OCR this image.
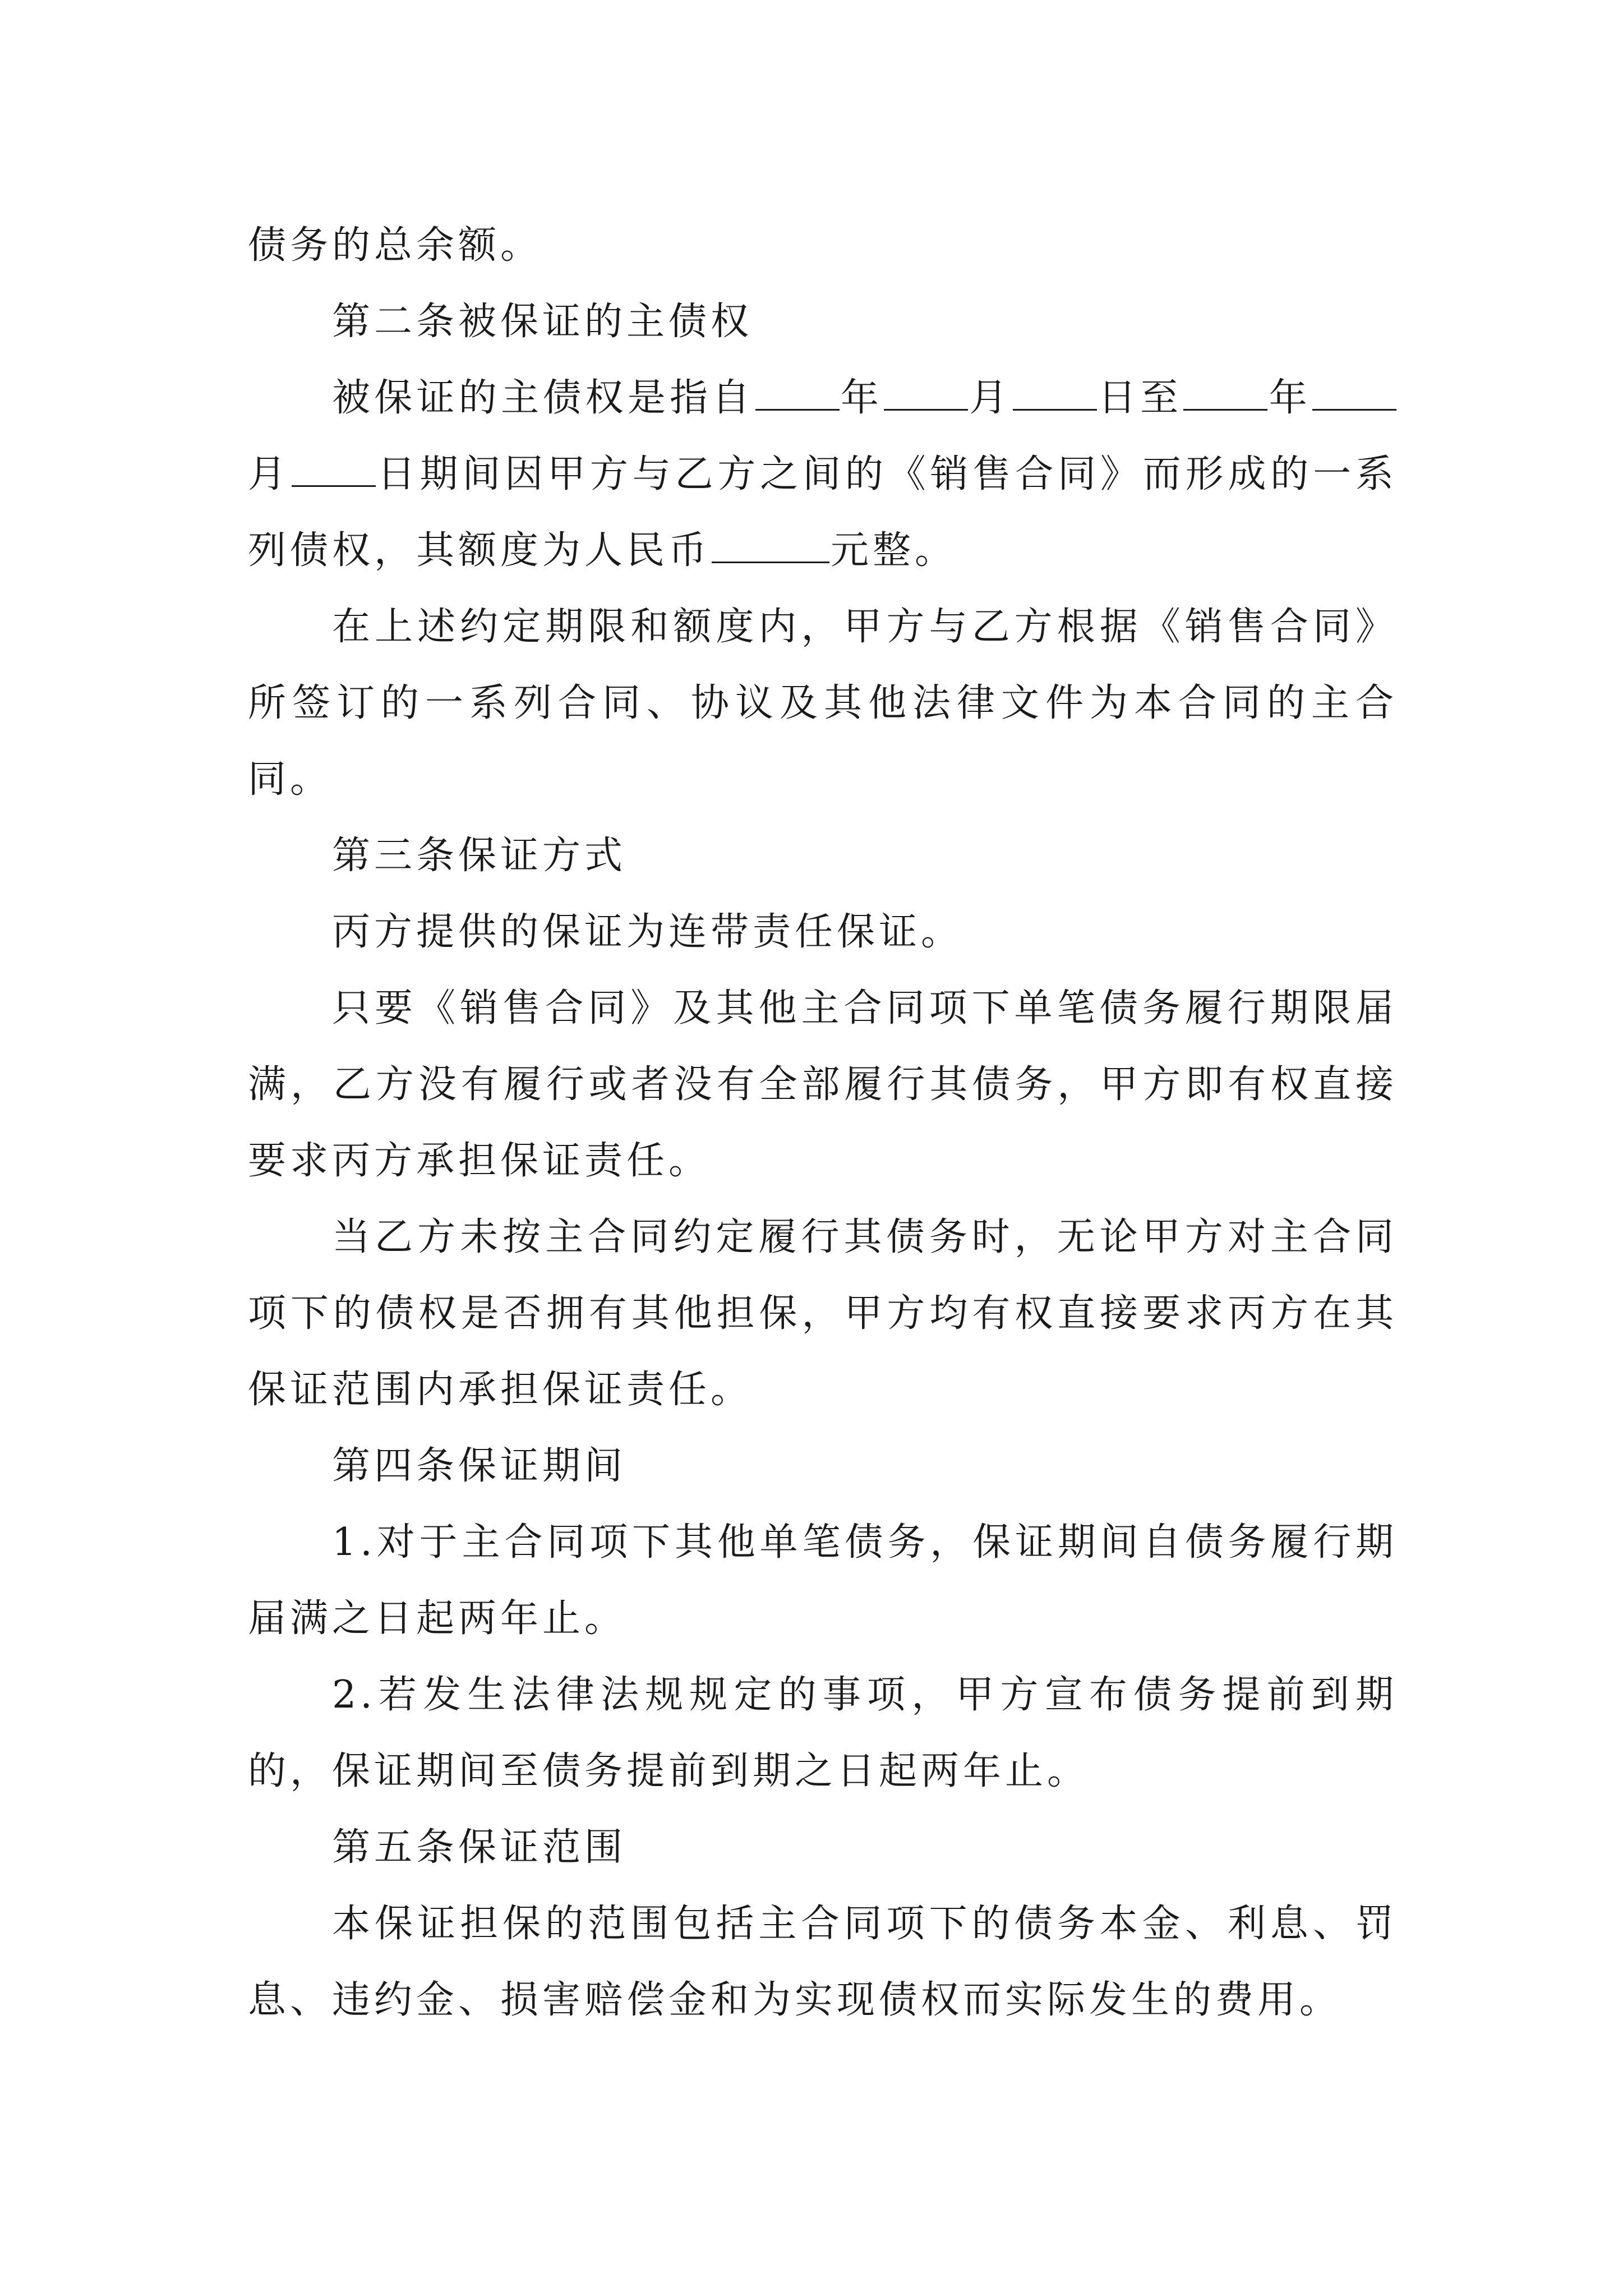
债务的总余额。

第二条被保证的主债权

被保证的主债权是指自 年 月 日至 年月 日期间因甲方与乙方之间的《销售合同》而形成的一系列债权，其额度为人民币	元整。

在上述约定期限和额度内，甲方与乙方根据《销售合同》所签订的一系列合同、协议及其他法律文件为本合同的主合同。

第三条保证方式

丙方提供的保证为连带责任保证。

只要《销售合同》及其他主合同项下单笔债务履行期限届满，乙方没有履行或者没有全部履行其债务，甲方即有权直接要求丙方承担保证责任。

当乙方未按主合同约定履行其债务时，无论甲方对主合同项下的债权是否拥有其他担保，甲方均有权直接要求丙方在其保证范围内承担保证责任。

第四条保证期间

1.对于主合同项下其他单笔债务，保证期间自债务履行期届满之日起两年止。

2.若发生法律法规规定的事项，甲方宣布债务提前到期的，保证期间至债务提前到期之日起两年止。

第五条保证范围

本保证担保的范围包括主合同项下的债务本金、利息、罚息、违约金、损害赔偿金和为实现债权而实际发生的费用。
